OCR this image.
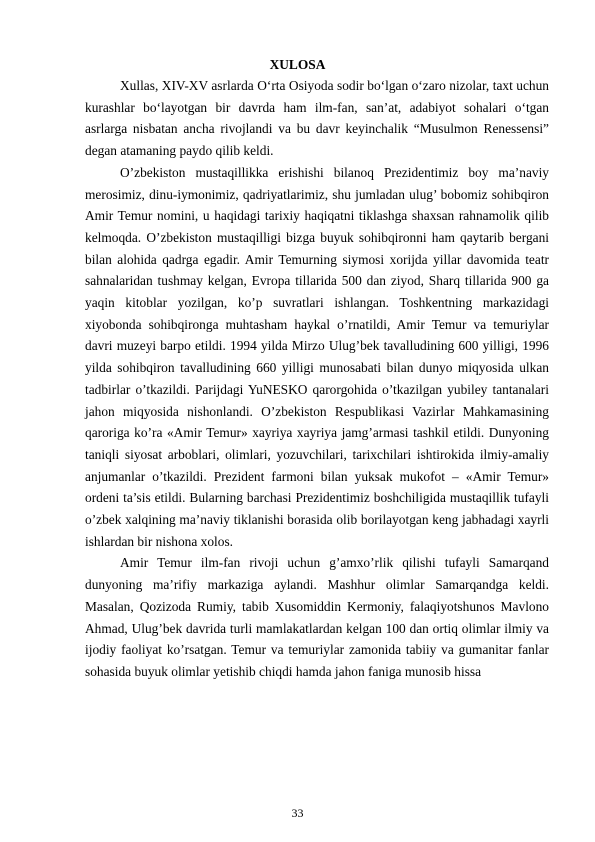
XULOSA

Xullas, XIV-XV asrlarda O‘rta Osiyoda sodir bo‘lgan o‘zaro nizolar, taxt uchun kurashlar bo‘layotgan bir davrda ham ilm-fan, san’at, adabiyot sohalari o‘tgan asrlarga nisbatan ancha rivojlandi va bu davr keyinchalik “Musulmon Renessensi” degan atamaning paydo qilib keldi.

O’zbekiston mustaqillikka erishishi bilanoq Prezidentimiz boy ma’naviy merosimiz, dinu-iymonimiz, qadriyatlarimiz, shu jumladan ulug’ bobomiz sohibqiron Amir Temur nomini, u haqidagi tarixiy haqiqatni tiklashga shaxsan rahnamolik qilib kelmoqda. O’zbekiston mustaqilligi bizga buyuk sohibqironni ham qaytarib bergani bilan alohida qadrga egadir. Amir Temurning siymosi xorijda yillar davomida teatr sahnalaridan tushmay kelgan, Evropa tillarida 500 dan ziyod, Sharq tillarida 900 ga yaqin kitoblar yozilgan, ko’p suvratlari ishlangan. Toshkentning markazidagi xiyobonda sohibqironga muhtasham haykal o’rnatildi, Amir Temur va temuriylar davri muzeyi barpo etildi. 1994 yilda Mirzo Ulug’bek tavalludining 600 yilligi, 1996 yilda sohibqiron tavalludining 660 yilligi munosabati bilan dunyo miqyosida ulkan tadbirlar o’tkazildi. Parijdagi YuNESKO qarorgohida o’tkazilgan yubiley tantanalari jahon miqyosida nishonlandi. O’zbekiston Respublikasi Vazirlar Mahkamasining qaroriga ko’ra «Amir Temur» xayriya xayriya jamg’armasi tashkil etildi. Dunyoning taniqli siyosat arboblari, olimlari, yozuvchilari, tarixchilari ishtirokida ilmiy-amaliy anjumanlar o’tkazildi. Prezident farmoni bilan yuksak mukofot – «Amir Temur» ordeni ta’sis etildi. Bularning barchasi Prezidentimiz boshchiligida mustaqillik tufayli o’zbek xalqining ma’naviy tiklanishi borasida olib borilayotgan keng jabhadagi xayrli ishlardan bir nishona xolos.

Amir Temur ilm-fan rivoji uchun g’amxo’rlik qilishi tufayli Samarqand dunyoning ma’rifiy markaziga aylandi. Mashhur olimlar Samarqandga keldi. Masalan, Qozizoda Rumiy, tabib Xusomiddin Kermoniy, falaqiyotshunos Mavlono Ahmad, Ulug’bek davrida turli mamlakatlardan kelgan 100 dan ortiq olimlar ilmiy va ijodiy faoliyat ko’rsatgan. Temur va temuriylar zamonida tabiiy va gumanitar fanlar sohasida buyuk olimlar yetishib chiqdi hamda jahon faniga munosib hissa

33
